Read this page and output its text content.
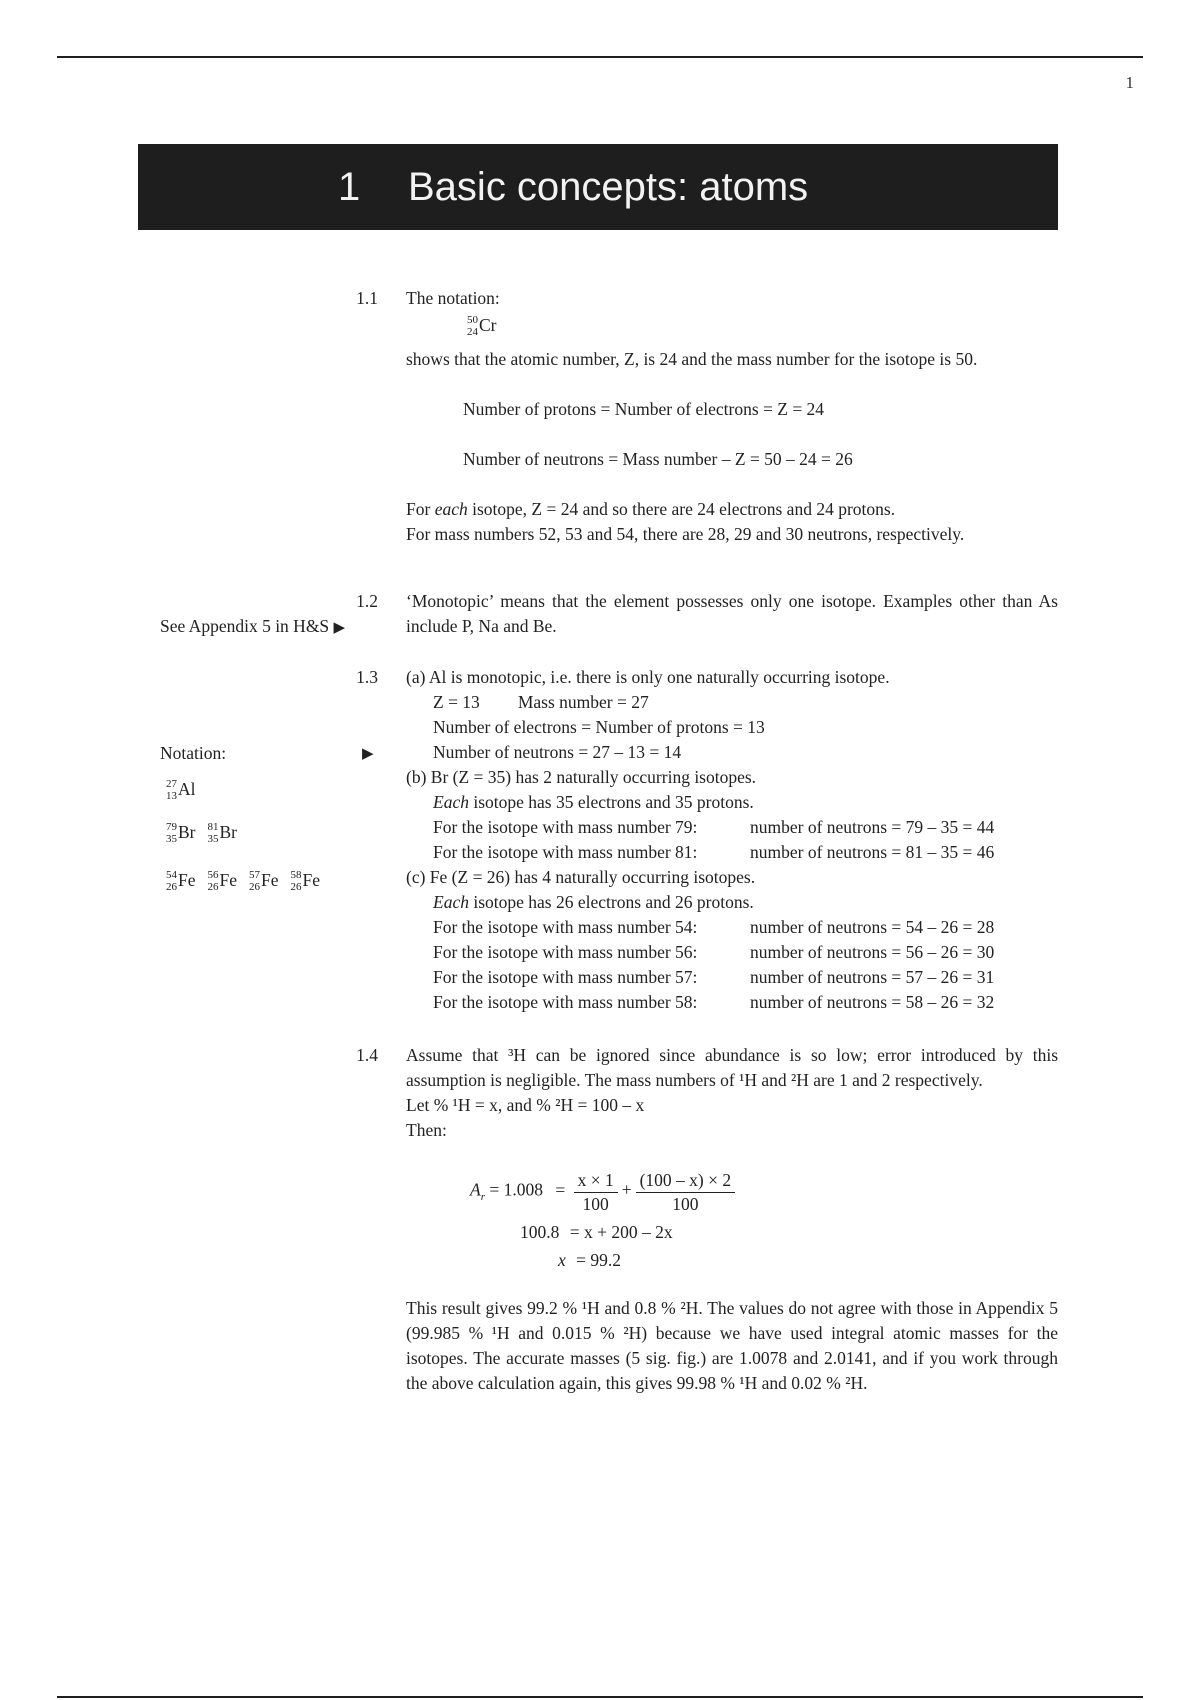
1
1 Basic concepts: atoms
1.1 The notation:

50
24 Cr

shows that the atomic number, Z, is 24 and the mass number for the isotope is 50.

Number of protons = Number of electrons = Z = 24

Number of neutrons = Mass number – Z = 50 – 24 = 26

For each isotope, Z = 24 and so there are 24 electrons and 24 protons.

For mass numbers 52, 53 and 54, there are 28, 29 and 30 neutrons, respectively.

1.2
See Appendix 5 in H&S ▶
‘Monotopic’ means that the element possesses only one isotope. Examples other than As include P, Na and Be.
1.3
Notation:	▶
27
13 Al
79
35 Br 81
35 Br
54
26 Fe 56
26 Fe 57
26 Fe 58
26 Fe

(a) Al is monotopic, i.e. there is only one naturally occurring isotope.

Z = 13 Mass number = 27

Number of electrons = Number of protons = 13

Number of neutrons = 27 – 13 = 14

(b) Br (Z = 35) has 2 naturally occurring isotopes.

Each isotope has 35 electrons and 35 protons.

For the isotope with mass number 79:	number of neutrons = 79 – 35 = 44

For the isotope with mass number 81:	number of neutrons = 81 – 35 = 46

(c) Fe (Z = 26) has 4 naturally occurring isotopes.

Each isotope has 26 electrons and 26 protons.

For the isotope with mass number 54:	number of neutrons = 54 – 26 = 28

For the isotope with mass number 56:	number of neutrons = 56 – 26 = 30

For the isotope with mass number 57:	number of neutrons = 57 – 26 = 31

For the isotope with mass number 58:	number of neutrons = 58 – 26 = 32

1.4 Assume that ³H can be ignored since abundance is so low; error introduced by this assumption is negligible. The mass numbers of ¹H and ²H are 1 and 2 respectively.

Let % ¹H = x, and % ²H = 100 – x

Then:

$A_r = 1.008 = \frac{x \times 1}{100} + \frac{(100 - x) \times 2}{100}$
100.8 = x + 200 – 2x
x = 99.2
This result gives 99.2 % ¹H and 0.8 % ²H. The values do not agree with those in Appendix 5 (99.985 % ¹H and 0.015 % ²H) because we have used integral atomic masses for the isotopes. The accurate masses (5 sig. fig.) are 1.0078 and 2.0141, and if you work through the above calculation again, this gives 99.98 % ¹H and 0.02 % ²H.
